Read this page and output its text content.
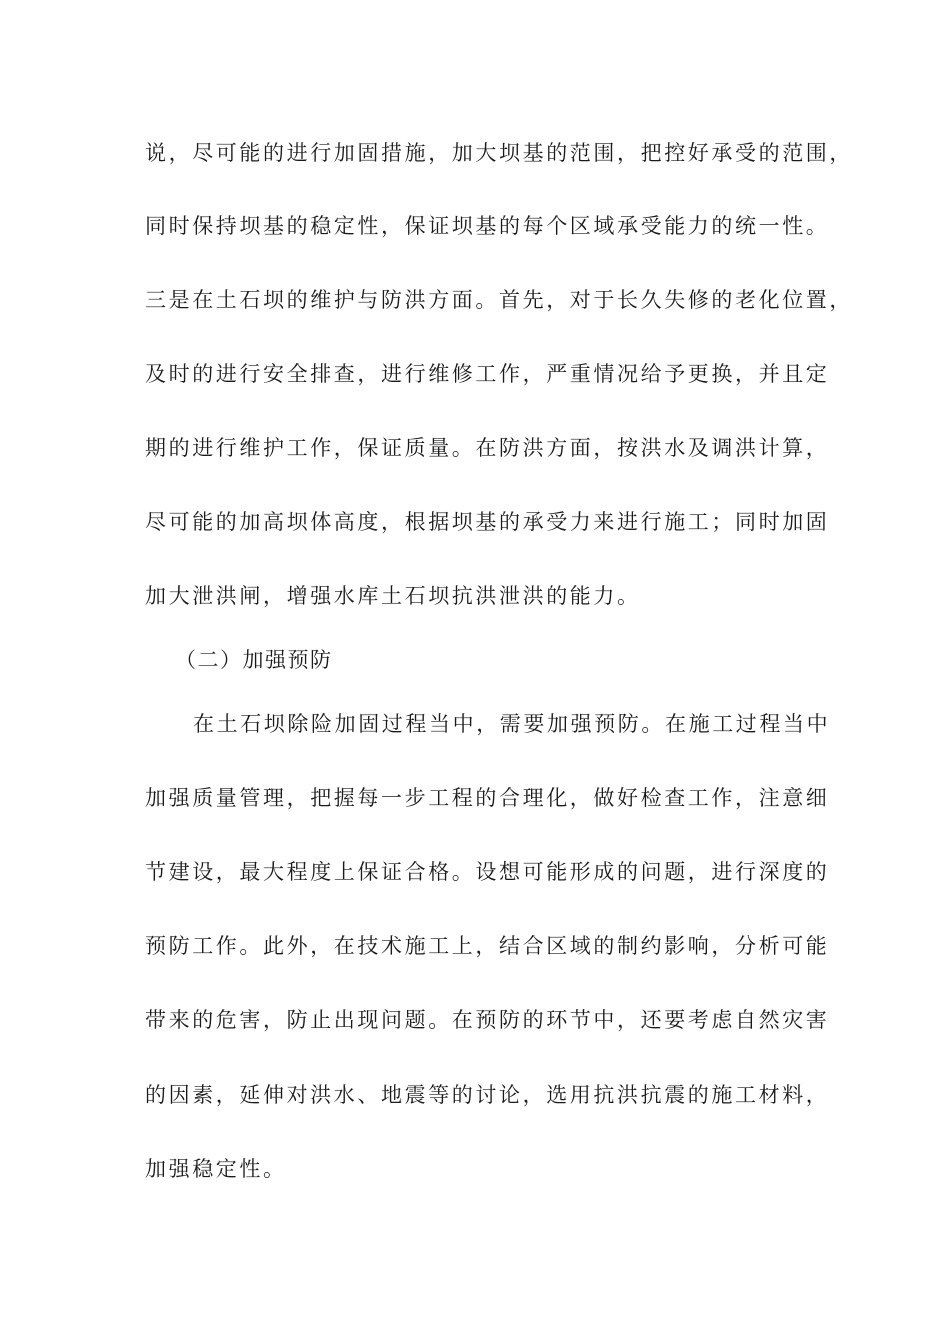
说，尽可能的进行加固措施，加大坝基的范围，把控好承受的范围，
同时保持坝基的稳定性，保证坝基的每个区域承受能力的统一性。
三是在土石坝的维护与防洪方面。首先，对于长久失修的老化位置，
及时的进行安全排查，进行维修工作，严重情况给予更换，并且定
期的进行维护工作，保证质量。在防洪方面，按洪水及调洪计算，
尽可能的加高坝体高度，根据坝基的承受力来进行施工；同时加固
加大泄洪闸，增强水库土石坝抗洪泄洪的能力。
（二）加强预防
在土石坝除险加固过程当中，需要加强预防。在施工过程当中
加强质量管理，把握每一步工程的合理化，做好检查工作，注意细
节建设，最大程度上保证合格。设想可能形成的问题，进行深度的
预防工作。此外，在技术施工上，结合区域的制约影响，分析可能
带来的危害，防止出现问题。在预防的环节中，还要考虑自然灾害
的因素，延伸对洪水、地震等的讨论，选用抗洪抗震的施工材料，
加强稳定性。
